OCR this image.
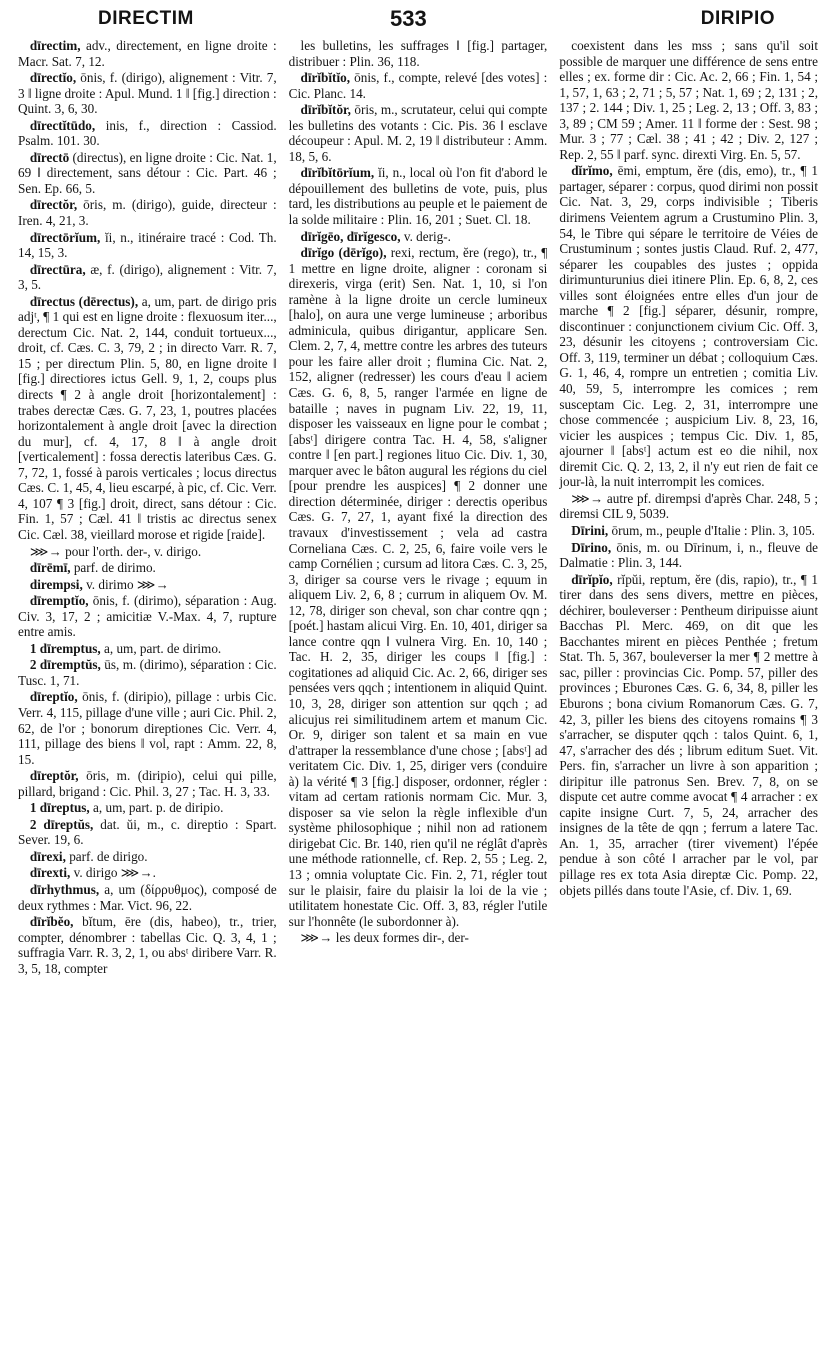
DIRECTIM	533	DIRIPIO

dīrectim, adv., directement, en ligne droite : Macr. Sat. 7, 12.

dīrectĭo, ōnis, f. (dirigo), alignement : Vitr. 7, 3 ‖ ligne droite : Apul. Mund. 1 ‖ [fig.] direction : Quint. 3, 6, 30.

dīrectĭtūdo, inis, f., direction : Cassiod. Psalm. 101. 30.

dīrectō (directus), en ligne droite : Cic. Nat. 1, 69 ‖ directement, sans détour : Cic. Part. 46 ; Sen. Ep. 66, 5.

dīrectŏr, ōris, m. (dirigo), guide, directeur : Iren. 4, 21, 3.

dīrectōrĭum, ĭi, n., itinéraire tracé : Cod. Th. 14, 15, 3.

dīrectūra, æ, f. (dirigo), alignement : Vitr. 7, 3, 5.

dīrectus (dērectus), a, um, part. de dirigo pris adjᵗ, ¶ 1 qui est en ligne droite : flexuosum iter..., derectum Cic. Nat. 2, 144, conduit tortueux..., droit, cf. Cæs. C. 3, 79, 2 ; in directo Varr. R. 7, 15 ; per directum Plin. 5, 80, en ligne droite ‖ [fig.] directiores ictus Gell. 9, 1, 2, coups plus directs ¶ 2 à angle droit [horizontalement] : trabes derectæ Cæs. G. 7, 23, 1, poutres placées horizontalement à angle droit [avec la direction du mur], cf. 4, 17, 8 ‖ à angle droit [verticalement] : fossa derectis lateribus Cæs. G. 7, 72, 1, fossé à parois verticales ; locus directus Cæs. C. 1, 45, 4, lieu escarpé, à pic, cf. Cic. Verr. 4, 107 ¶ 3 [fig.] droit, direct, sans détour : Cic. Fin. 1, 57 ; Cæl. 41 ‖ tristis ac directus senex Cic. Cæl. 38, vieillard morose et rigide [raide].

⋙→ pour l'orth. der-, v. dirigo.

dīrēmī, parf. de dirimo.

dirempsi, v. dirimo ⋙→

dīremptĭo, ōnis, f. (dirimo), séparation : Aug. Civ. 3, 17, 2 ; amicitiæ V.-Max. 4, 7, rupture entre amis.

1 dīremptus, a, um, part. de dirimo.

2 dīremptŭs, ūs, m. (dirimo), séparation : Cic. Tusc. 1, 71.

dīreptĭo, ōnis, f. (diripio), pillage : urbis Cic. Verr. 4, 115, pillage d'une ville ; auri Cic. Phil. 2, 62, de l'or ; bonorum direptiones Cic. Verr. 4, 111, pillage des biens ‖ vol, rapt : Amm. 22, 8, 15.

dīreptŏr, ōris, m. (diripio), celui qui pille, pillard, brigand : Cic. Phil. 3, 27 ; Tac. H. 3, 33.

1 dīreptus, a, um, part. p. de diripio.

2 dīreptŭs, dat. ŭi, m., c. direptio : Spart. Sever. 19, 6.

dīrexi, parf. de dirigo.

dīrexti, v. dirigo ⋙→.

dīrhythmus, a, um (δίρρυθμος), composé de deux rythmes : Mar. Vict. 96, 22.

dīrĭbĕo, bĭtum, ēre (dis, habeo), tr., trier, compter, dénombrer : tabellas Cic. Q. 3, 4, 1 ; suffragia Varr. R. 3, 2, 1, ou absᵗ diribere Varr. R. 3, 5, 18, compter

les bulletins, les suffrages ‖ [fig.] partager, distribuer : Plin. 36, 118.

dīrĭbĭtĭo, ōnis, f., compte, relevé [des votes] : Cic. Planc. 14.

dīrĭbĭtŏr, ōris, m., scrutateur, celui qui compte les bulletins des votants : Cic. Pis. 36 ‖ esclave découpeur : Apul. M. 2, 19 ‖ distributeur : Amm. 18, 5, 6.

dīrĭbĭtōrĭum, ĭi, n., local où l'on fit d'abord le dépouillement des bulletins de vote, puis, plus tard, les distributions au peuple et le paiement de la solde militaire : Plin. 16, 201 ; Suet. Cl. 18.

dīrĭgēo, dīrĭgesco, v. derig-.

dīrĭgo (dērĭgo), rexi, rectum, ĕre (rego), tr., ¶ 1 mettre en ligne droite, aligner : coronam si direxeris, virga (erit) Sen. Nat. 1, 10, si l'on ramène à la ligne droite un cercle lumineux [halo], on aura une verge lumineuse ; arboribus adminicula, quibus dirigantur, applicare Sen. Clem. 2, 7, 4, mettre contre les arbres des tuteurs pour les faire aller droit ; flumina Cic. Nat. 2, 152, aligner (redresser) les cours d'eau ‖ aciem Cæs. G. 6, 8, 5, ranger l'armée en ligne de bataille ; naves in pugnam Liv. 22, 19, 11, disposer les vaisseaux en ligne pour le combat ; [absᵗ] dirigere contra Tac. H. 4, 58, s'aligner contre ‖ [en part.] regiones lituo Cic. Div. 1, 30, marquer avec le bâton augural les régions du ciel [pour prendre les auspices] ¶ 2 donner une direction déterminée, diriger : derectis operibus Cæs. G. 7, 27, 1, ayant fixé la direction des travaux d'investissement ; vela ad castra Corneliana Cæs. C. 2, 25, 6, faire voile vers le camp Cornélien ; cursum ad litora Cæs. C. 3, 25, 3, diriger sa course vers le rivage ; equum in aliquem Liv. 2, 6, 8 ; currum in aliquem Ov. M. 12, 78, diriger son cheval, son char contre qqn ; [poét.] hastam alicui Virg. En. 10, 401, diriger sa lance contre qqn ‖ vulnera Virg. En. 10, 140 ; Tac. H. 2, 35, diriger les coups ‖ [fig.] : cogitationes ad aliquid Cic. Ac. 2, 66, diriger ses pensées vers qqch ; intentionem in aliquid Quint. 10, 3, 28, diriger son attention sur qqch ; ad alicujus rei similitudinem artem et manum Cic. Or. 9, diriger son talent et sa main en vue d'attraper la ressemblance d'une chose ; [absᵗ] ad veritatem Cic. Div. 1, 25, diriger vers (conduire à) la vérité ¶ 3 [fig.] disposer, ordonner, régler : vitam ad certam rationis normam Cic. Mur. 3, disposer sa vie selon la règle inflexible d'un système philosophique ; nihil non ad rationem dirigebat Cic. Br. 140, rien qu'il ne réglât d'après une méthode rationnelle, cf. Rep. 2, 55 ; Leg. 2, 13 ; omnia voluptate Cic. Fin. 2, 71, régler tout sur le plaisir, faire du plaisir la loi de la vie ; utilitatem honestate Cic. Off. 3, 83, régler l'utile sur l'honnête (le subordonner à).

⋙→ les deux formes dir-, der-

coexistent dans les mss ; sans qu'il soit possible de marquer une différence de sens entre elles ; ex. forme dir : Cic. Ac. 2, 66 ; Fin. 1, 54 ; 1, 57, 1, 63 ; 2, 71 ; 5, 57 ; Nat. 1, 69 ; 2, 131 ; 2, 137 ; 2. 144 ; Div. 1, 25 ; Leg. 2, 13 ; Off. 3, 83 ; 3, 89 ; CM 59 ; Amer. 11 ‖ forme der : Sest. 98 ; Mur. 3 ; 77 ; Cæl. 38 ; 41 ; 42 ; Div. 2, 127 ; Rep. 2, 55 ‖ parf. sync. direxti Virg. En. 5, 57.

dĭrĭmo, ēmi, emptum, ĕre (dis, emo), tr., ¶ 1 partager, séparer : corpus, quod dirimi non possit Cic. Nat. 3, 29, corps indivisible ; Tiberis dirimens Veientem agrum a Crustumino Plin. 3, 54, le Tibre qui sépare le territoire de Véies de Crustuminum ; sontes justis Claud. Ruf. 2, 477, séparer les coupables des justes ; oppida dirimunturunius diei itinere Plin. Ep. 6, 8, 2, ces villes sont éloignées entre elles d'un jour de marche ¶ 2 [fig.] séparer, désunir, rompre, discontinuer : conjunctionem civium Cic. Off. 3, 23, désunir les citoyens ; controversiam Cic. Off. 3, 119, terminer un débat ; colloquium Cæs. G. 1, 46, 4, rompre un entretien ; comitia Liv. 40, 59, 5, interrompre les comices ; rem susceptam Cic. Leg. 2, 31, interrompre une chose commencée ; auspicium Liv. 8, 23, 16, vicier les auspices ; tempus Cic. Div. 1, 85, ajourner ‖ [absᵗ] actum est eo die nihil, nox diremit Cic. Q. 2, 13, 2, il n'y eut rien de fait ce jour-là, la nuit interrompit les comices.

⋙→ autre pf. dirempsi d'après Char. 248, 5 ; diremsi CIL 9, 5039.

Dīrini, ōrum, m., peuple d'Italie : Plin. 3, 105.

Dīrino, ōnis, m. ou Dīrinum, i, n., fleuve de Dalmatie : Plin. 3, 144.

dīrĭpĭo, rĭpŭi, reptum, ĕre (dis, rapio), tr., ¶ 1 tirer dans des sens divers, mettre en pièces, déchirer, bouleverser : Pentheum diripuisse aiunt Bacchas Pl. Merc. 469, on dit que les Bacchantes mirent en pièces Penthée ; fretum Stat. Th. 5, 367, bouleverser la mer ¶ 2 mettre à sac, piller : provincias Cic. Pomp. 57, piller des provinces ; Eburones Cæs. G. 6, 34, 8, piller les Eburons ; bona civium Romanorum Cæs. G. 7, 42, 3, piller les biens des citoyens romains ¶ 3 s'arracher, se disputer qqch : talos Quint. 6, 1, 47, s'arracher des dés ; librum editum Suet. Vit. Pers. fin, s'arracher un livre à son apparition ; diripitur ille patronus Sen. Brev. 7, 8, on se dispute cet autre comme avocat ¶ 4 arracher : ex capite insigne Curt. 7, 5, 24, arracher des insignes de la tête de qqn ; ferrum a latere Tac. An. 1, 35, arracher (tirer vivement) l'épée pendue à son côté ‖ arracher par le vol, par pillage res ex tota Asia direptæ Cic. Pomp. 22, objets pillés dans toute l'Asie, cf. Div. 1, 69.
